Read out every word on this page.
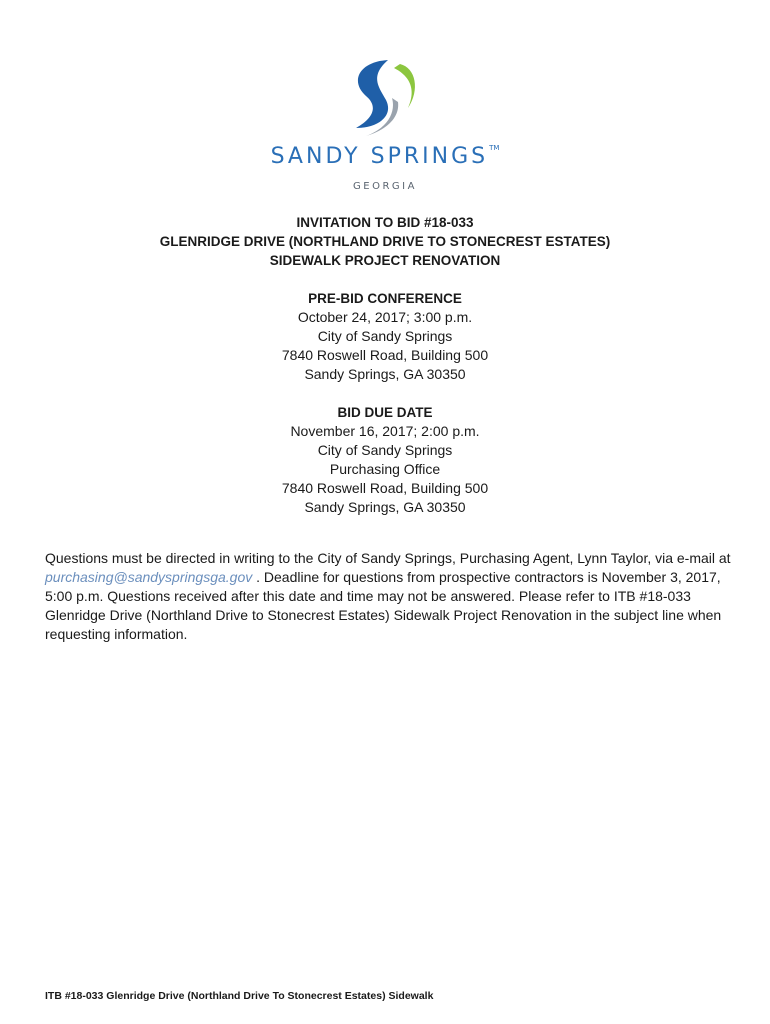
SANDY SPRINGS™
GEORGIA
INVITATION TO BID #18-033
GLENRIDGE DRIVE (NORTHLAND DRIVE TO STONECREST ESTATES)
SIDEWALK PROJECT RENOVATION
PRE-BID CONFERENCE
October 24, 2017; 3:00 p.m.
City of Sandy Springs
7840 Roswell Road, Building 500
Sandy Springs, GA 30350
BID DUE DATE
November 16, 2017; 2:00 p.m.
City of Sandy Springs
Purchasing Office
7840 Roswell Road, Building 500
Sandy Springs, GA 30350

Questions must be directed in writing to the City of Sandy Springs, Purchasing Agent, Lynn Taylor, via e-mail at purchasing@sandyspringsga.gov . Deadline for questions from prospective contractors is November 3, 2017, 5:00 p.m. Questions received after this date and time may not be answered. Please refer to ITB #18-033 Glenridge Drive (Northland Drive to Stonecrest Estates) Sidewalk Project Renovation in the subject line when requesting information.

ITB #18-033 Glenridge Drive (Northland Drive To Stonecrest Estates) Sidewalk
